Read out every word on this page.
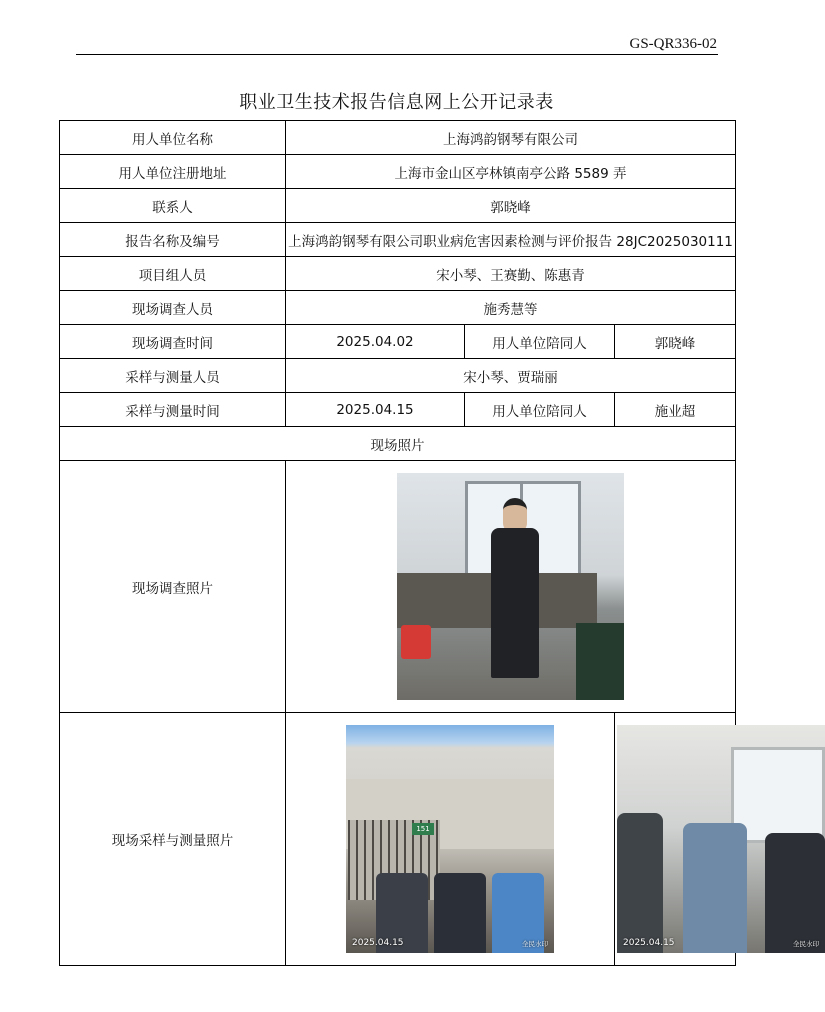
GS-QR336-02
职业卫生技术报告信息网上公开记录表
用人单位名称	上海鸿韵钢琴有限公司		
用人单位注册地址	上海市金山区亭林镇南亭公路 5589 弄		
联系人	郭晓峰		
报告名称及编号	上海鸿韵钢琴有限公司职业病危害因素检测与评价报告 28JC2025030111		
项目组人员	宋小琴、王赛勤、陈惠青		
现场调查人员	施秀慧等		
现场调查时间	2025.04.02	用人单位陪同人	郭晓峰
采样与测量人员	宋小琴、贾瑞丽		
采样与测量时间	2025.04.15	用人单位陪同人	施业超
现场照片			
现场调查照片			

现场采样与测量照片	151
2025.04.15 全民水印		2025.04.15 全民水印
